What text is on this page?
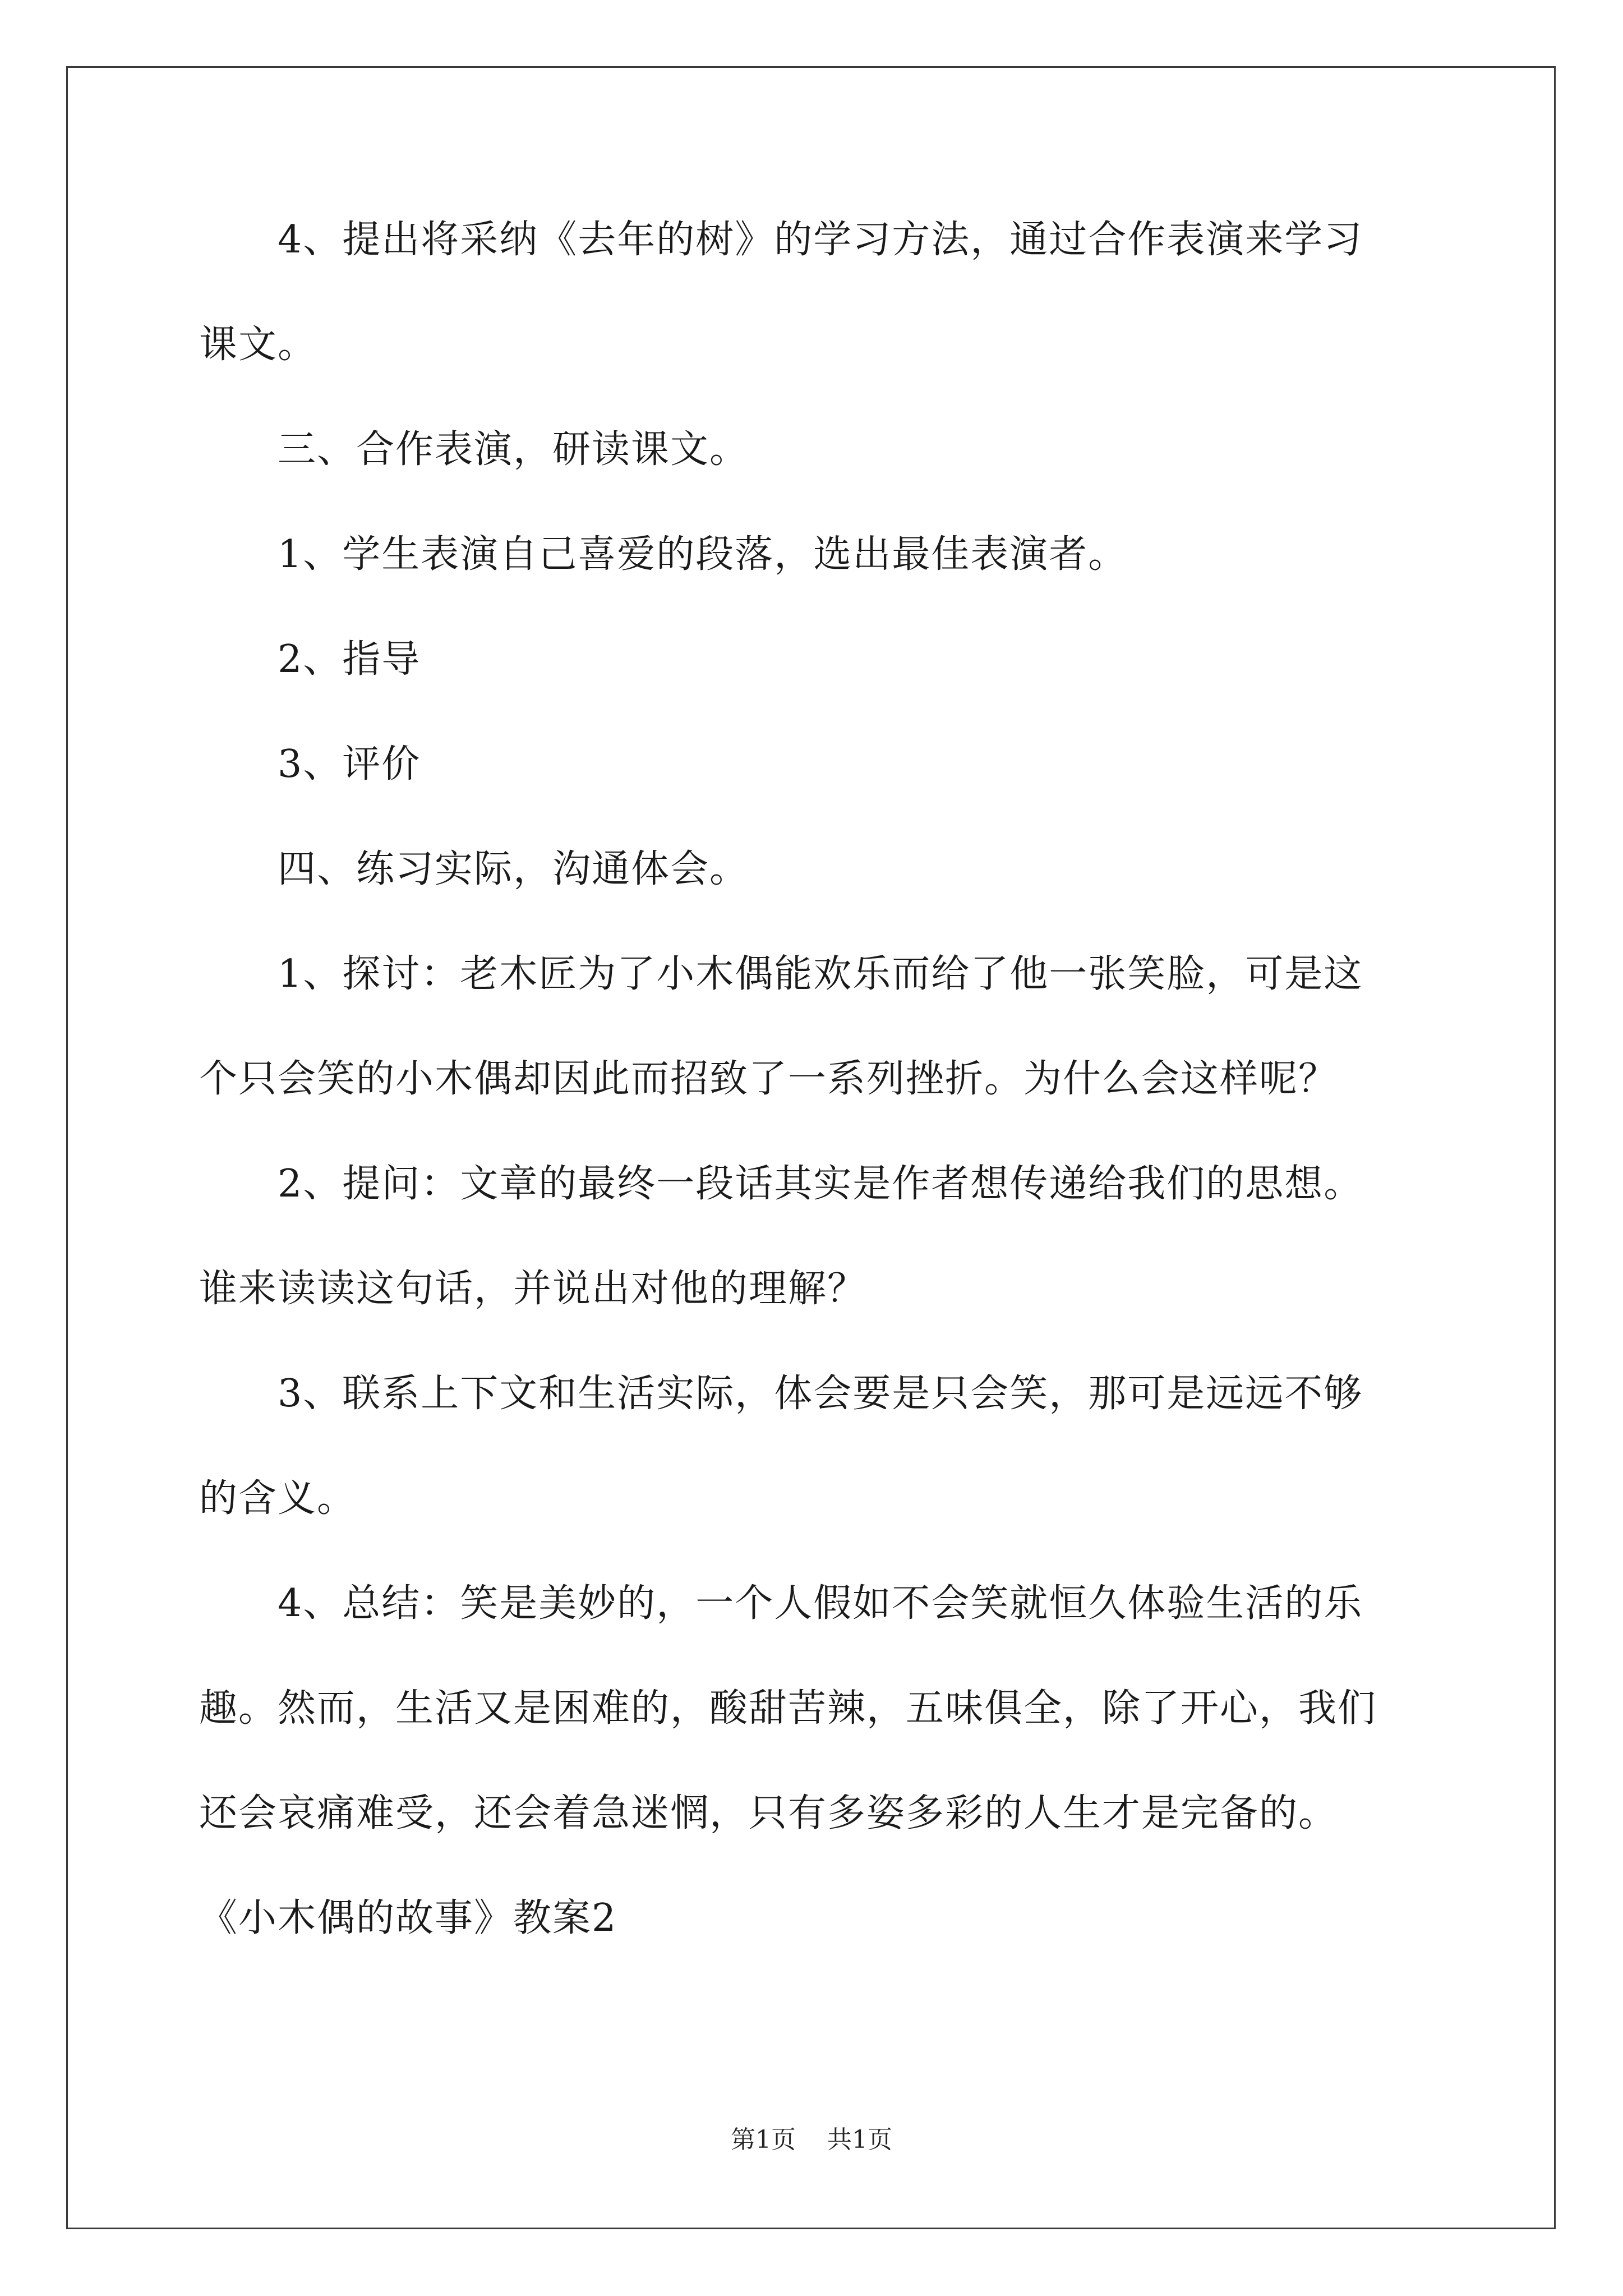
4、提出将采纳《去年的树》的学习方法，通过合作表演来学习
课文。
三、合作表演，研读课文。
1、学生表演自己喜爱的段落，选出最佳表演者。
2、指导
3、评价
四、练习实际，沟通体会。
1、探讨：老木匠为了小木偶能欢乐而给了他一张笑脸，可是这
个只会笑的小木偶却因此而招致了一系列挫折。为什么会这样呢？
2、提问：文章的最终一段话其实是作者想传递给我们的思想。
谁来读读这句话，并说出对他的理解？
3、联系上下文和生活实际，体会要是只会笑，那可是远远不够
的含义。
4、总结：笑是美妙的，一个人假如不会笑就恒久体验生活的乐
趣。然而，生活又是困难的，酸甜苦辣，五味俱全，除了开心，我们
还会哀痛难受，还会着急迷惘，只有多姿多彩的人生才是完备的。
《小木偶的故事》教案2
第1页 共1页
